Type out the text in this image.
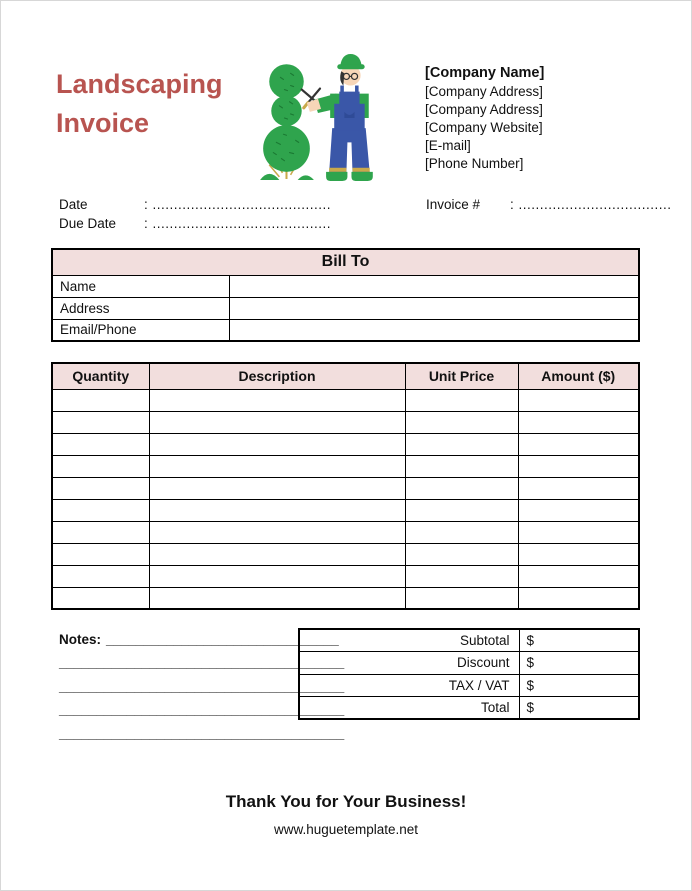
Landscaping
Invoice
[Company Name]
[Company Address]
[Company Address]
[Company Website]
[E-mail]
[Phone Number]
Date	: ..........................................
Due Date	: ..........................................
Invoice #	: ....................................
Bill To	
Name	
Address	
Email/Phone	
Quantity	Description	Unit Price	Amount ($)

Notes: _______________________________
______________________________________
______________________________________
______________________________________
______________________________________
Subtotal	$
Discount	$
TAX / VAT	$
Total	$
Thank You for Your Business!
www.huguetemplate.net
